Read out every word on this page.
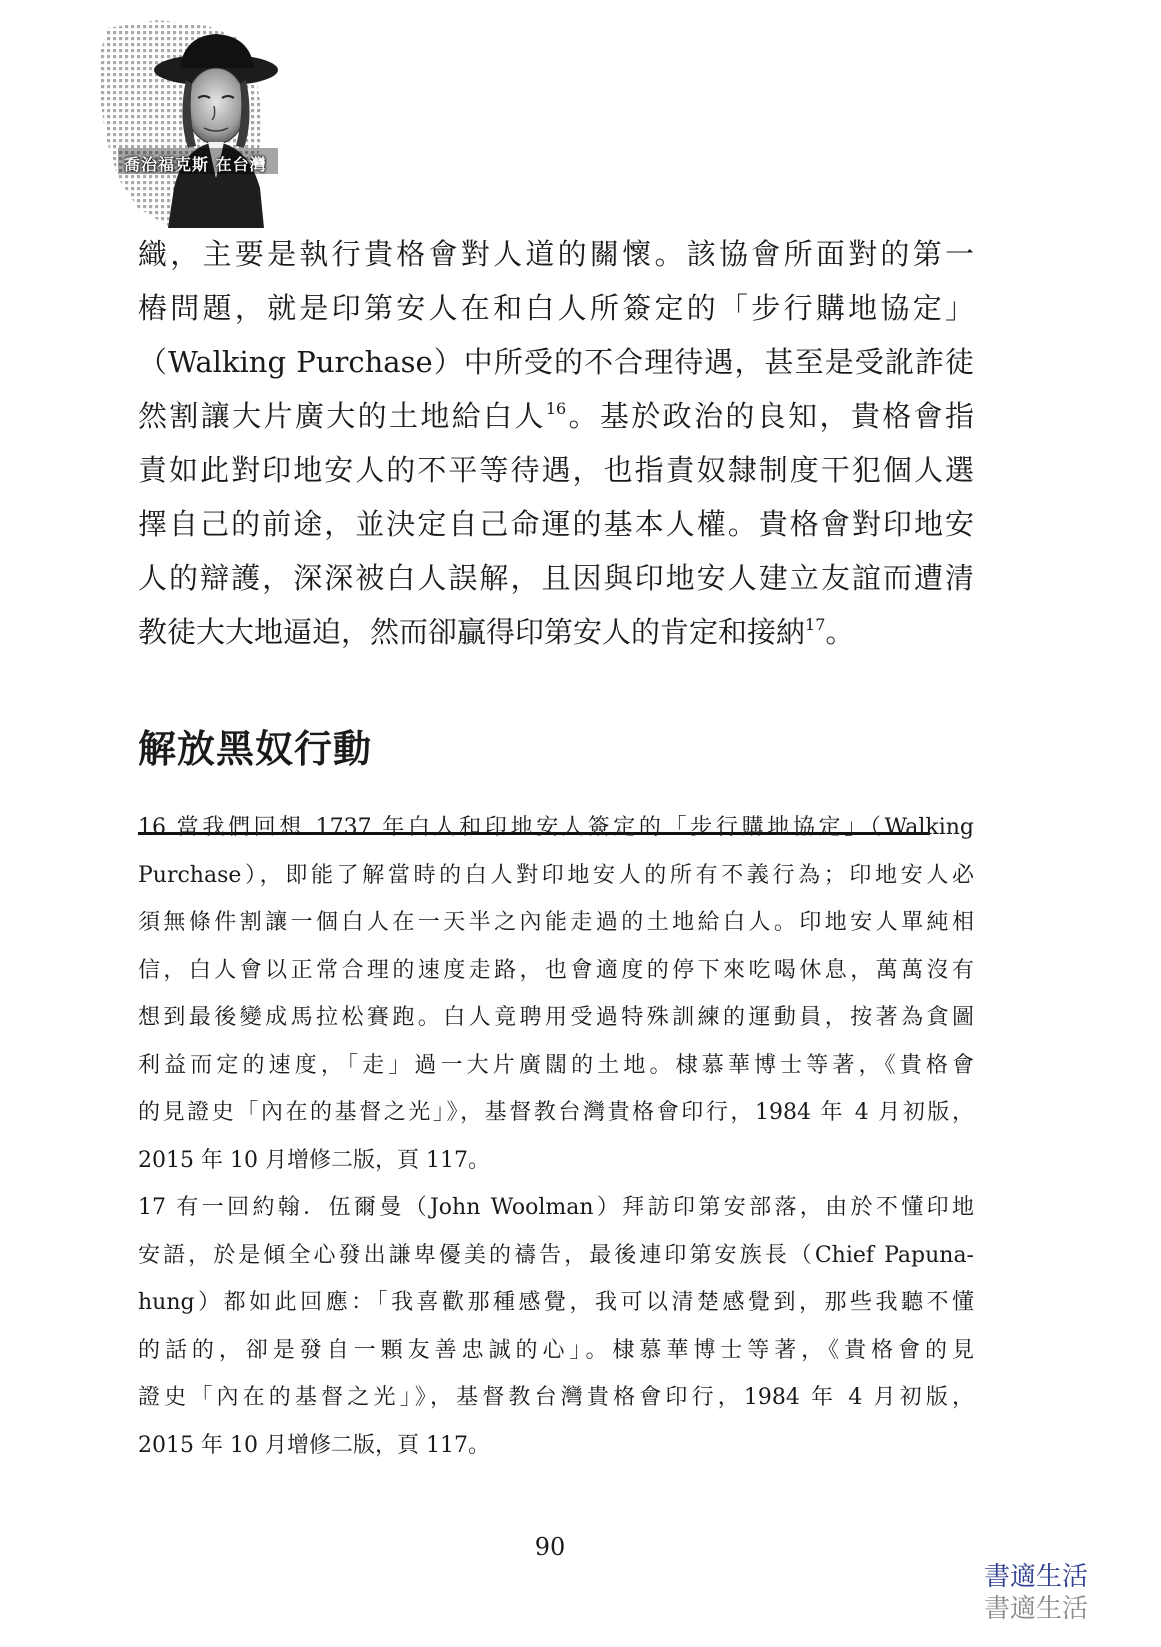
喬治福克斯 在台灣
織，主要是執行貴格會對人道的關懷。該協會所面對的第一
樁問題，就是印第安人在和白人所簽定的「步行購地協定」
（Walking Purchase）中所受的不合理待遇，甚至是受訛詐徒
然割讓大片廣大的土地給白人$^{16}$。基於政治的良知，貴格會指
責如此對印地安人的不平等待遇，也指責奴隸制度干犯個人選
擇自己的前途，並決定自己命運的基本人權。貴格會對印地安
人的辯護，深深被白人誤解，且因與印地安人建立友誼而遭清
教徒大大地逼迫，然而卻贏得印第安人的肯定和接納$^{17}$。
解放黑奴行動
16 當我們回想 1737 年白人和印地安人簽定的「步行購地協定」（Walking
Purchase），即能了解當時的白人對印地安人的所有不義行為；印地安人必
須無條件割讓一個白人在一天半之內能走過的土地給白人。印地安人單純相
信，白人會以正常合理的速度走路，也會適度的停下來吃喝休息，萬萬沒有
想到最後變成馬拉松賽跑。白人竟聘用受過特殊訓練的運動員，按著為貪圖
利益而定的速度，「走」過一大片廣闊的土地。棣慕華博士等著，《貴格會
的見證史「內在的基督之光」》，基督教台灣貴格會印行，1984 年 4 月初版，
2015 年 10 月增修二版，頁 117。
17 有一回約翰．伍爾曼（John Woolman）拜訪印第安部落，由於不懂印地
安語，於是傾全心發出謙卑優美的禱告，最後連印第安族長（Chief Papuna-
hung）都如此回應：「我喜歡那種感覺，我可以清楚感覺到，那些我聽不懂
的話的，卻是發自一顆友善忠誠的心」。棣慕華博士等著，《貴格會的見
證史「內在的基督之光」》，基督教台灣貴格會印行，1984 年 4 月初版，
2015 年 10 月增修二版，頁 117。
90
書適生活
書適生活
